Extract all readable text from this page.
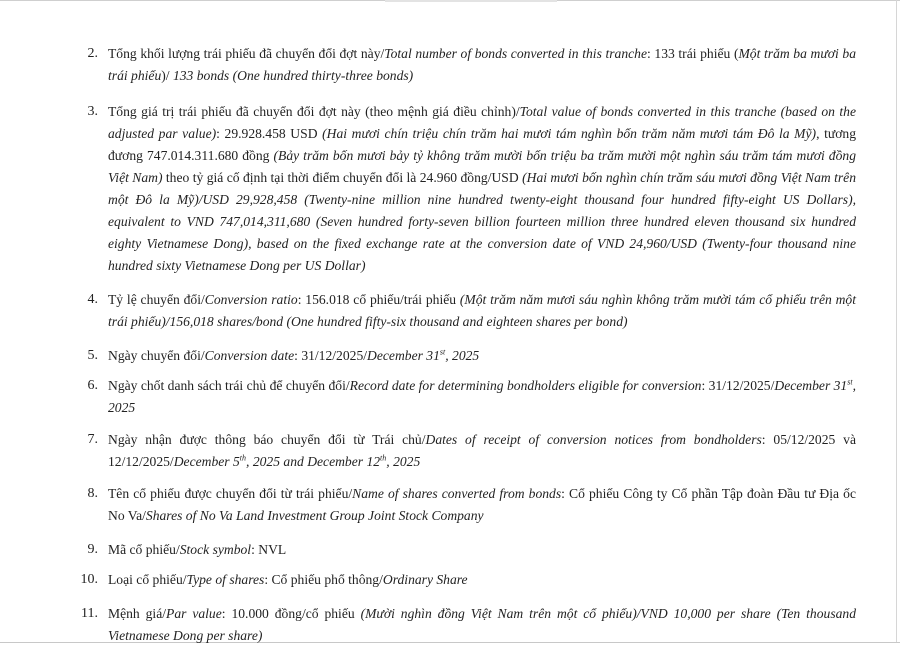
2. Tổng khối lượng trái phiếu đã chuyển đổi đợt này/Total number of bonds converted in this tranche: 133 trái phiếu (Một trăm ba mươi ba trái phiếu)/ 133 bonds (One hundred thirty-three bonds)
3. Tổng giá trị trái phiếu đã chuyển đổi đợt này (theo mệnh giá điều chỉnh)/Total value of bonds converted in this tranche (based on the adjusted par value): 29.928.458 USD (Hai mươi chín triệu chín trăm hai mươi tám nghìn bốn trăm năm mươi tám Đô la Mỹ), tương đương 747.014.311.680 đồng (Bảy trăm bốn mươi bảy tỷ không trăm mười bốn triệu ba trăm mười một nghìn sáu trăm tám mươi đồng Việt Nam) theo tỷ giá cố định tại thời điểm chuyển đổi là 24.960 đồng/USD (Hai mươi bốn nghìn chín trăm sáu mươi đồng Việt Nam trên một Đô la Mỹ)/USD 29,928,458 (Twenty-nine million nine hundred twenty-eight thousand four hundred fifty-eight US Dollars), equivalent to VND 747,014,311,680 (Seven hundred forty-seven billion fourteen million three hundred eleven thousand six hundred eighty Vietnamese Dong), based on the fixed exchange rate at the conversion date of VND 24,960/USD (Twenty-four thousand nine hundred sixty Vietnamese Dong per US Dollar)
4. Tỷ lệ chuyển đổi/Conversion ratio: 156.018 cổ phiếu/trái phiếu (Một trăm năm mươi sáu nghìn không trăm mười tám cổ phiếu trên một trái phiếu)/156,018 shares/bond (One hundred fifty-six thousand and eighteen shares per bond)
5. Ngày chuyển đổi/Conversion date: 31/12/2025/December 31st, 2025
6. Ngày chốt danh sách trái chủ để chuyển đổi/Record date for determining bondholders eligible for conversion: 31/12/2025/December 31st, 2025
7. Ngày nhận được thông báo chuyển đổi từ Trái chủ/Dates of receipt of conversion notices from bondholders: 05/12/2025 và 12/12/2025/December 5th, 2025 and December 12th, 2025
8. Tên cổ phiếu được chuyển đổi từ trái phiếu/Name of shares converted from bonds: Cổ phiếu Công ty Cổ phần Tập đoàn Đầu tư Địa ốc No Va/Shares of No Va Land Investment Group Joint Stock Company
9. Mã cổ phiếu/Stock symbol: NVL
10. Loại cổ phiếu/Type of shares: Cổ phiếu phổ thông/Ordinary Share
11. Mệnh giá/Par value: 10.000 đồng/cổ phiếu (Mười nghìn đồng Việt Nam trên một cổ phiếu)/VND 10,000 per share (Ten thousand Vietnamese Dong per share)
